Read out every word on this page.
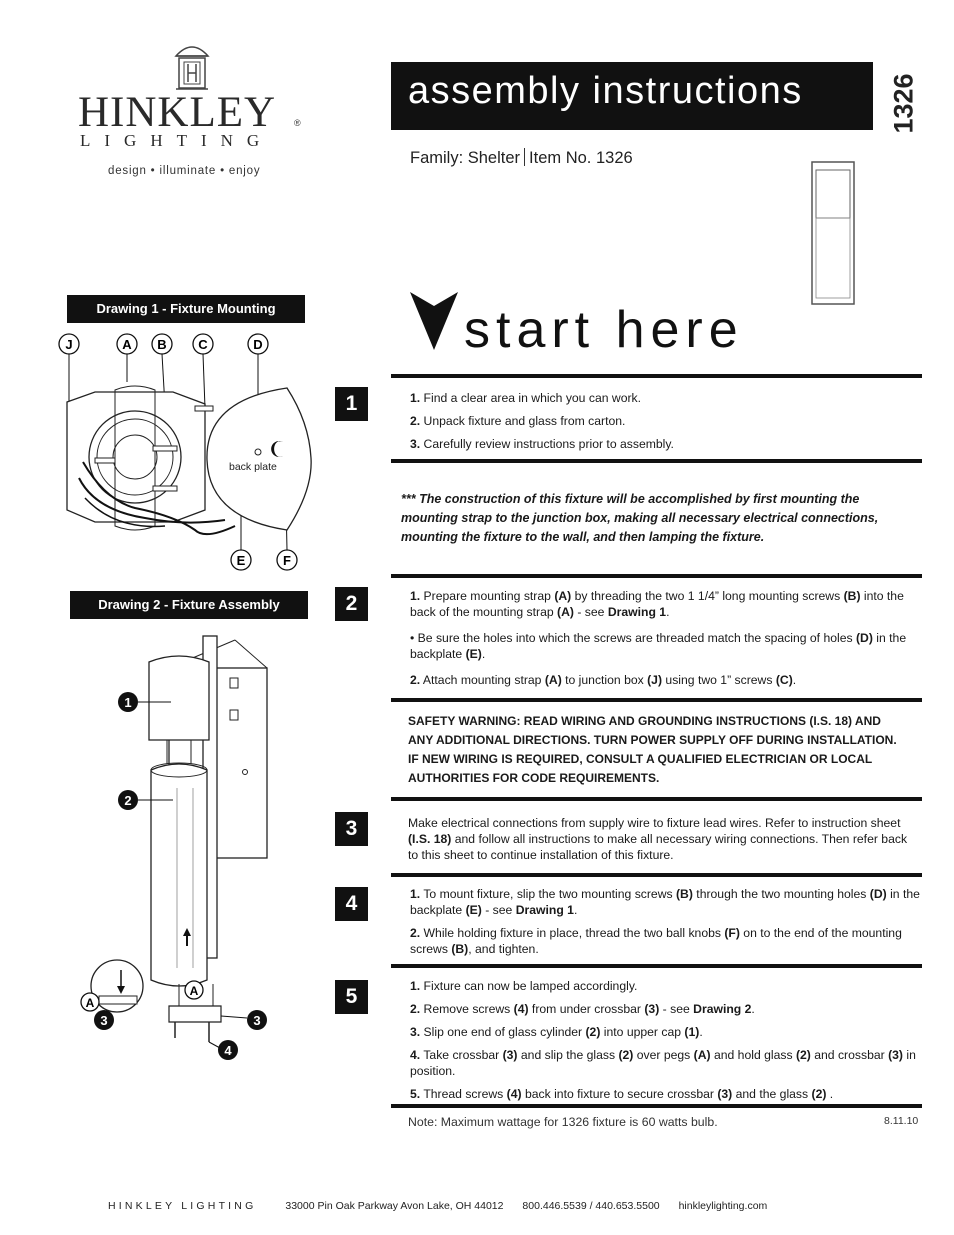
HINKLEY ®
LIGHTING
design • illuminate • enjoy
assembly instructions	1326
Family: Shelter Item No. 1326
start here
Drawing 1 - Fixture Mounting
J	A B C	D
E	F
back plate
Drawing 2 - Fixture Assembly
1
2
A
3
A
3
4
1	1. Find a clear area in which you can work.
2. Unpack fixture and glass from carton.
3. Carefully review instructions prior to assembly.
*** The construction of this fixture will be accomplished by first mounting the mounting strap to the junction box, making all necessary electrical connections, mounting the fixture to the wall, and then lamping the fixture.
2	1. Prepare mounting strap (A) by threading the two 1 1/4” long mounting screws (B) into the back of the mounting strap (A) - see Drawing 1.
• Be sure the holes into which the screws are threaded match the spacing of holes (D) in the backplate (E).
2. Attach mounting strap (A) to junction box (J) using two 1” screws (C).
SAFETY WARNING: READ WIRING AND GROUNDING INSTRUCTIONS (I.S. 18) AND ANY ADDITIONAL DIRECTIONS. TURN POWER SUPPLY OFF DURING INSTALLATION. IF NEW WIRING IS REQUIRED, CONSULT A QUALIFIED ELECTRICIAN OR LOCAL AUTHORITIES FOR CODE REQUIREMENTS.
3	Make electrical connections from supply wire to fixture lead wires. Refer to instruction sheet (I.S. 18) and follow all instructions to make all necessary wiring connections. Then refer back to this sheet to continue installation of this fixture.
4	1. To mount fixture, slip the two mounting screws (B) through the two mounting holes (D) in the backplate (E) - see Drawing 1.
2. While holding fixture in place, thread the two ball knobs (F) on to the end of the mounting screws (B), and tighten.
5	1. Fixture can now be lamped accordingly.
2. Remove screws (4) from under crossbar (3) - see Drawing 2.
3. Slip one end of glass cylinder (2) into upper cap (1).
4. Take crossbar (3) and slip the glass (2) over pegs (A) and hold glass (2) and crossbar (3) in position.
5. Thread screws (4) back into fixture to secure crossbar (3) and the glass (2) .
Note: Maximum wattage for 1326 fixture is 60 watts bulb.	8.11.10
HINKLEY LIGHTING	33000 Pin Oak Parkway Avon Lake, OH 44012 800.446.5539 / 440.653.5500 hinkleylighting.com
